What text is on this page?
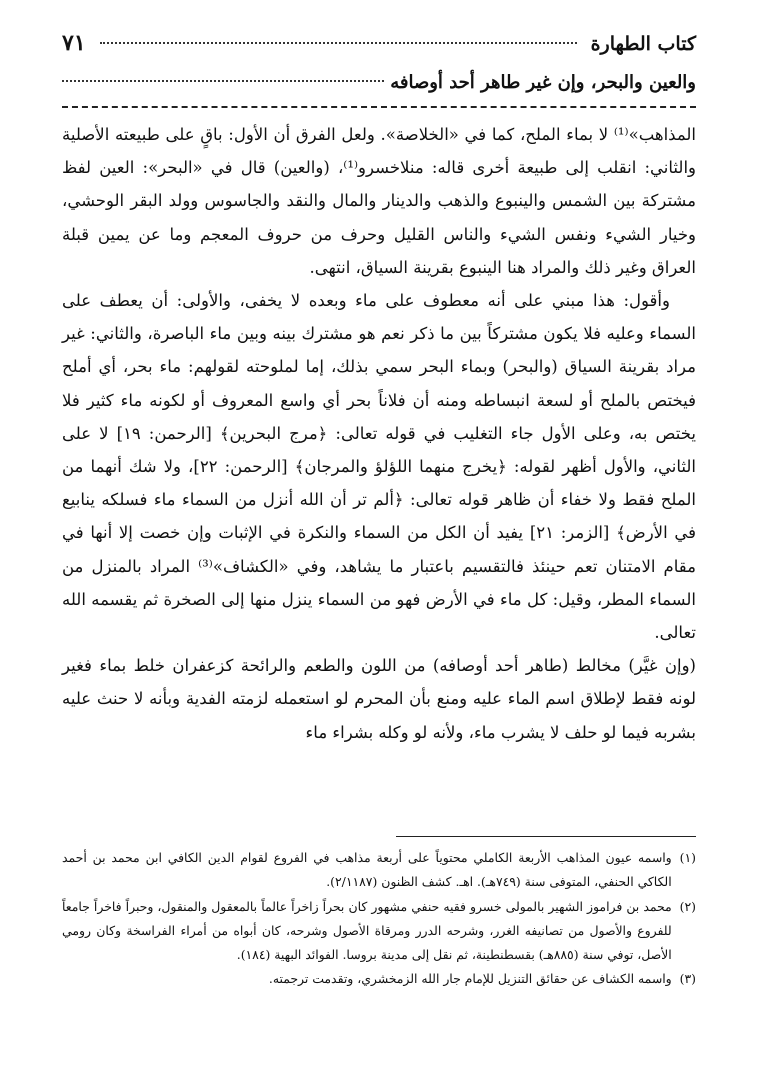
كتاب الطهارة
٧١
والعين والبحر، وإن غير طاهر أحد أوصافه

المذاهب»⁽¹⁾ لا بماء الملح، كما في «الخلاصة». ولعل الفرق أن الأول: باقٍ على طبيعته الأصلية والثاني: انقلب إلى طبيعة أخرى قاله: منلاخسرو⁽¹⁾، (والعين) قال في «البحر»: العين لفظ مشتركة بين الشمس والينبوع والذهب والدينار والمال والنقد والجاسوس وولد البقر الوحشي، وخيار الشيء ونفس الشيء والناس القليل وحرف من حروف المعجم وما عن يمين قبلة العراق وغير ذلك والمراد هنا الينبوع بقرينة السياق، انتهى.

وأقول: هذا مبني على أنه معطوف على ماء وبعده لا يخفى، والأولى: أن يعطف على السماء وعليه فلا يكون مشتركاً بين ما ذكر نعم هو مشترك بينه وبين ماء الباصرة، والثاني: غير مراد بقرينة السياق (والبحر) وبماء البحر سمي بذلك، إما لملوحته لقولهم: ماء بحر، أي أملح فيختص بالملح أو لسعة انبساطه ومنه أن فلاناً بحر أي واسع المعروف أو لكونه ماء كثير فلا يختص به، وعلى الأول جاء التغليب في قوله تعالى: ﴿مرج البحرين﴾ [الرحمن: ١٩] لا على الثاني، والأول أظهر لقوله: ﴿يخرج منهما اللؤلؤ والمرجان﴾ [الرحمن: ٢٢]، ولا شك أنهما من الملح فقط ولا خفاء أن ظاهر قوله تعالى: ﴿ألم تر أن الله أنزل من السماء ماء فسلكه ينابيع في الأرض﴾ [الزمر: ٢١] يفيد أن الكل من السماء والنكرة في الإثبات وإن خصت إلا أنها في مقام الامتنان تعم حينئذ فالتقسيم باعتبار ما يشاهد، وفي «الكشاف»⁽³⁾ المراد بالمنزل من السماء المطر، وقيل: كل ماء في الأرض فهو من السماء ينزل منها إلى الصخرة ثم يقسمه الله تعالى.

(وإن غيَّر) مخالط (طاهر أحد أوصافه) من اللون والطعم والرائحة كزعفران خلط بماء فغير لونه فقط لإطلاق اسم الماء عليه ومنع بأن المحرم لو استعمله لزمته الفدية وبأنه لا حنث عليه بشربه فيما لو حلف لا يشرب ماء، ولأنه لو وكله بشراء ماء

(١)
واسمه عيون المذاهب الأربعة الكاملي محتوياً على أربعة مذاهب في الفروع لقوام الدين الكافي ابن محمد بن أحمد الكاكي الحنفي، المتوفى سنة (٧٤٩هـ). اهـ. كشف الظنون (٢/١١٨٧).
(٢)
محمد بن فراموز الشهير بالمولى خسرو فقيه حنفي مشهور كان بحراً زاخراً عالماً بالمعقول والمنقول، وحبراً فاخراً جامعاً للفروع والأصول من تصانيفه الغرر، وشرحه الدرر ومرقاة الأصول وشرحه، كان أبواه من أمراء الفراسخة وكان رومي الأصل، توفي سنة (٨٨٥هـ) بقسطنطينة، ثم نقل إلى مدينة بروسا. الفوائد البهية (١٨٤).
(٣)
واسمه الكشاف عن حقائق التنزيل للإمام جار الله الزمخشري، وتقدمت ترجمته.
